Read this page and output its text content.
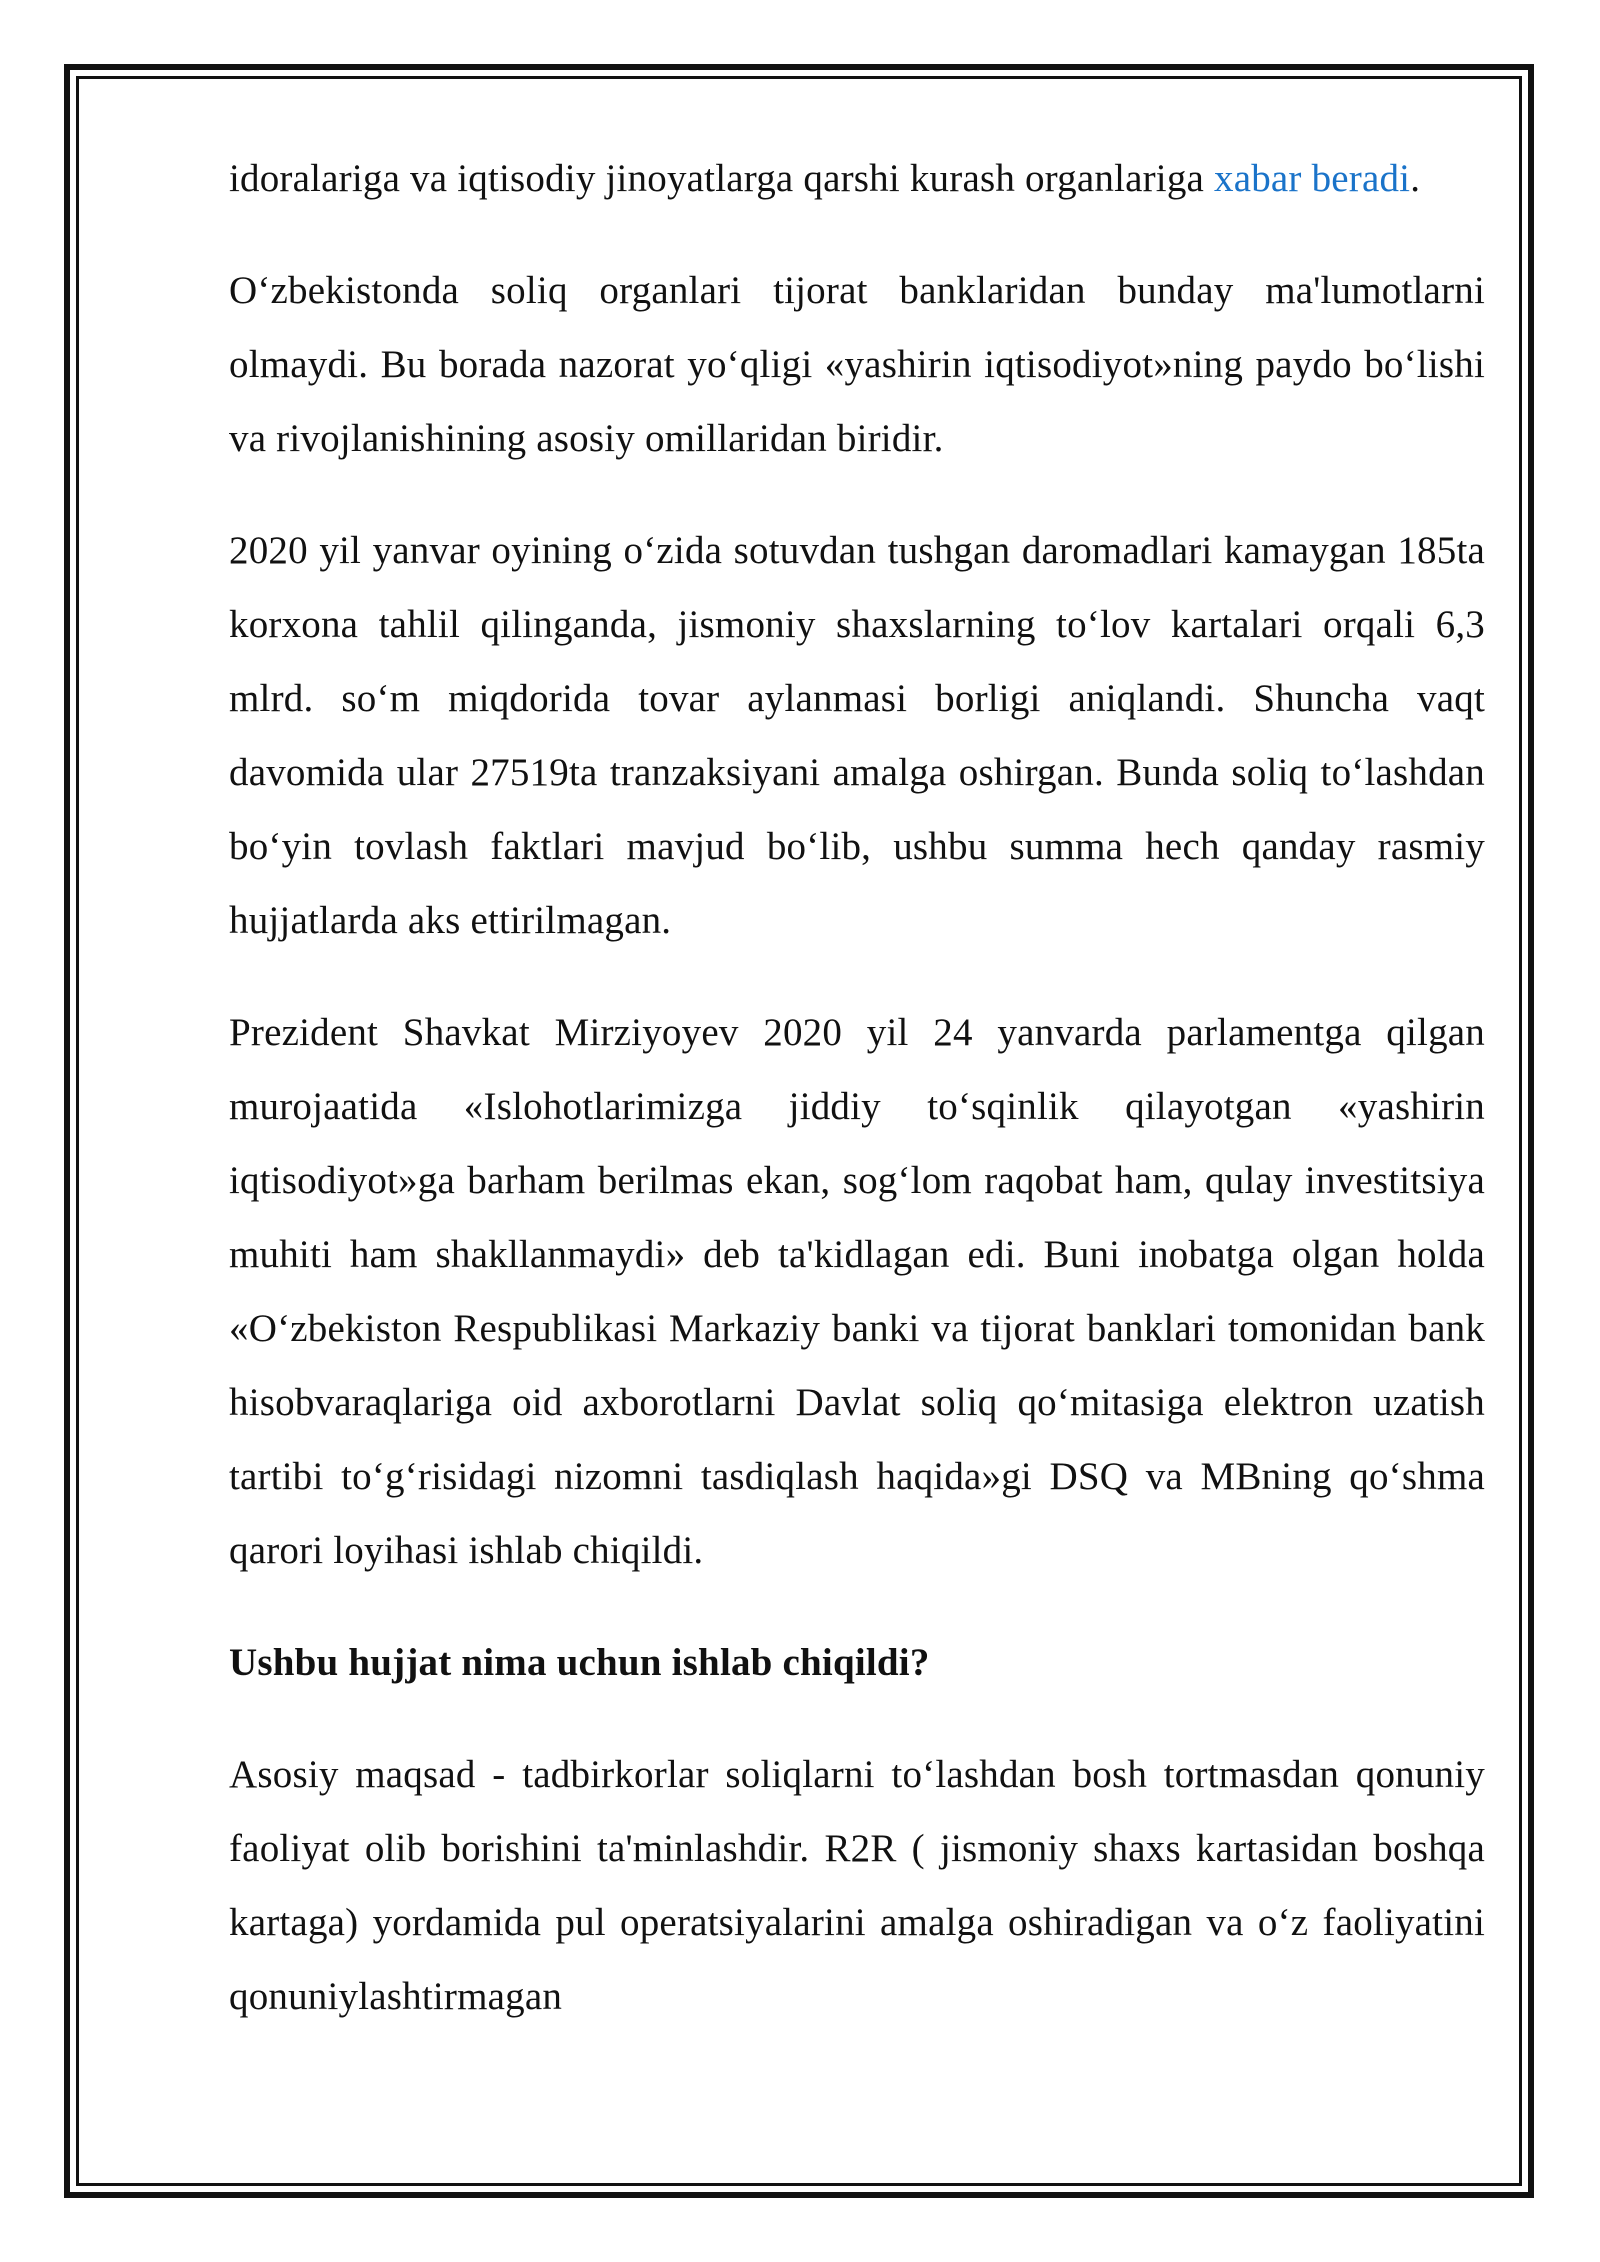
idoralariga va iqtisodiy jinoyatlarga qarshi kurash organlariga xabar beradi.

O‘zbekistonda soliq organlari tijorat banklaridan bunday ma'lumotlarni olmaydi. Bu borada nazorat yo‘qligi «yashirin iqtisodiyot»ning paydo bo‘lishi va rivojlanishining asosiy omillaridan biridir.

2020 yil yanvar oyining o‘zida sotuvdan tushgan daromadlari kamaygan 185ta korxona tahlil qilinganda, jismoniy shaxslarning to‘lov kartalari orqali 6,3 mlrd. so‘m miqdorida tovar aylanmasi borligi aniqlandi. Shuncha vaqt davomida ular 27519ta tranzaksiyani amalga oshirgan. Bunda soliq to‘lashdan bo‘yin tovlash faktlari mavjud bo‘lib, ushbu summa hech qanday rasmiy hujjatlarda aks ettirilmagan.

Prezident Shavkat Mirziyoyev 2020 yil 24 yanvarda parlamentga qilgan murojaatida «Islohotlarimizga jiddiy to‘sqinlik qilayotgan «yashirin iqtisodiyot»ga barham berilmas ekan, sog‘lom raqobat ham, qulay investitsiya muhiti ham shakllanmaydi» deb ta'kidlagan edi. Buni inobatga olgan holda «O‘zbekiston Respublikasi Markaziy banki va tijorat banklari tomonidan bank hisobvaraqlariga oid axborotlarni Davlat soliq qo‘mitasiga elektron uzatish tartibi to‘g‘risidagi nizomni tasdiqlash haqida»gi DSQ va MBning qo‘shma qarori loyihasi ishlab chiqildi.

Ushbu hujjat nima uchun ishlab chiqildi?

Asosiy maqsad - tadbirkorlar soliqlarni to‘lashdan bosh tortmasdan qonuniy faoliyat olib borishini ta'minlashdir. R2R ( jismoniy shaxs kartasidan boshqa kartaga) yordamida pul operatsiyalarini amalga oshiradigan va o‘z faoliyatini qonuniylashtirmagan
